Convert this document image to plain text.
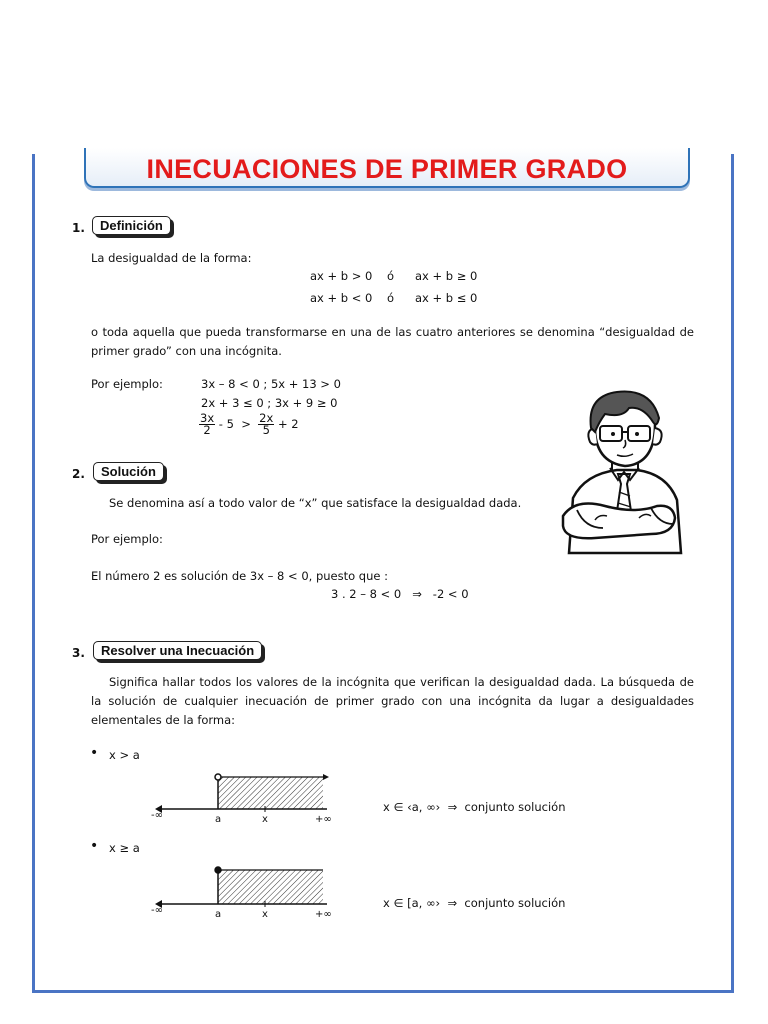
INECUACIONES DE PRIMER GRADO
1.	Definición
La desigualdad de la forma:
ax + b > 0 ó ax + b ≥ 0
ax + b < 0 ó ax + b ≤ 0
o toda aquella que pueda transformarse en una de las cuatro anteriores se denomina “desigualdad de primer grado” con una incógnita.
Por ejemplo:	3x – 8 < 0 ; 5x + 13 > 0
2x + 3 ≤ 0 ; 3x + 9 ≥ 0
$\frac{3x}{2} - 5 > \frac{2x}{5} + 2$
2.	Solución
Se denomina así a todo valor de “x” que satisface la desigualdad dada.
Por ejemplo:
El número 2 es solución de 3x – 8 < 0, puesto que :
3 . 2 – 8 < 0   ⇒   -2 < 0
3.	Resolver una Inecuación
Significa hallar todos los valores de la incógnita que verifican la desigualdad dada. La búsqueda de la solución de cualquier inecuación de primer grado con una incógnita da lugar a desigualdades elementales de la forma:
• x > a
-∞	a	x	+∞
x ∈ ‹a, ∞›  ⇒  conjunto solución
• x ≥ a
-∞	a	x	+∞
x ∈ [a, ∞›  ⇒  conjunto solución
